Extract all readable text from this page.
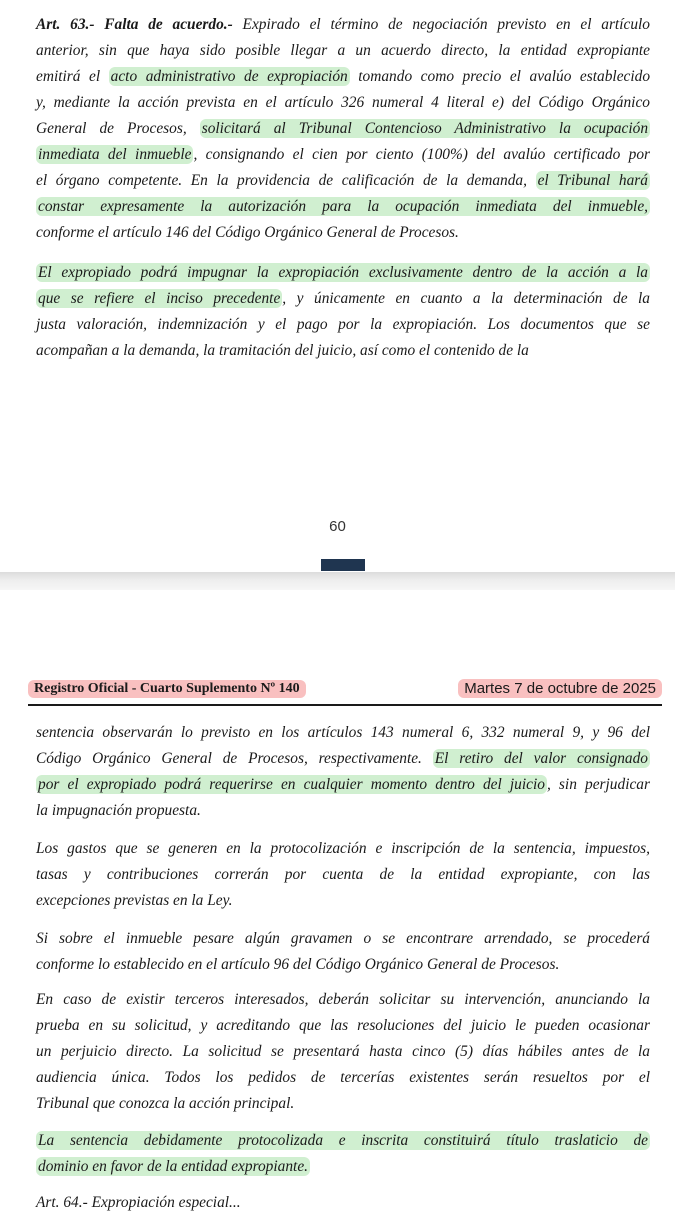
Art. 63.- Falta de acuerdo.- Expirado el término de negociación previsto en el artículo
anterior, sin que haya sido posible llegar a un acuerdo directo, la entidad expropiante
emitirá el acto administrativo de expropiación tomando como precio el avalúo establecido
y, mediante la acción prevista en el artículo 326 numeral 4 literal e) del Código Orgánico
General de Procesos, solicitará al Tribunal Contencioso Administrativo la ocupación
inmediata del inmueble , consignando el cien por ciento (100%) del avalúo certificado por
el órgano competente. En la providencia de calificación de la demanda, el Tribunal hará
constar expresamente la autorización para la ocupación inmediata del inmueble,
conforme el artículo 146 del Código Orgánico General de Procesos.
El expropiado podrá impugnar la expropiación exclusivamente dentro de la acción a la
que se refiere el inciso precedente , y únicamente en cuanto a la determinación de la
justa valoración, indemnización y el pago por la expropiación. Los documentos que se
acompañan a la demanda, la tramitación del juicio, así como el contenido de la
60
Registro Oficial - Cuarto Suplemento Nº 140	Martes 7 de octubre de 2025
sentencia observarán lo previsto en los artículos 143 numeral 6, 332 numeral 9, y 96 del
Código Orgánico General de Procesos, respectivamente. El retiro del valor consignado
por el expropiado podrá requerirse en cualquier momento dentro del juicio , sin perjudicar
la impugnación propuesta.
Los gastos que se generen en la protocolización e inscripción de la sentencia, impuestos,
tasas y contribuciones correrán por cuenta de la entidad expropiante, con las
excepciones previstas en la Ley.
Si sobre el inmueble pesare algún gravamen o se encontrare arrendado, se procederá
conforme lo establecido en el artículo 96 del Código Orgánico General de Procesos.
En caso de existir terceros interesados, deberán solicitar su intervención, anunciando la
prueba en su solicitud, y acreditando que las resoluciones del juicio le pueden ocasionar
un perjuicio directo. La solicitud se presentará hasta cinco (5) días hábiles antes de la
audiencia única. Todos los pedidos de tercerías existentes serán resueltos por el
Tribunal que conozca la acción principal.
La sentencia debidamente protocolizada e inscrita constituirá título traslaticio de
dominio en favor de la entidad expropiante.
Art. 64.- Expropiación especial...
